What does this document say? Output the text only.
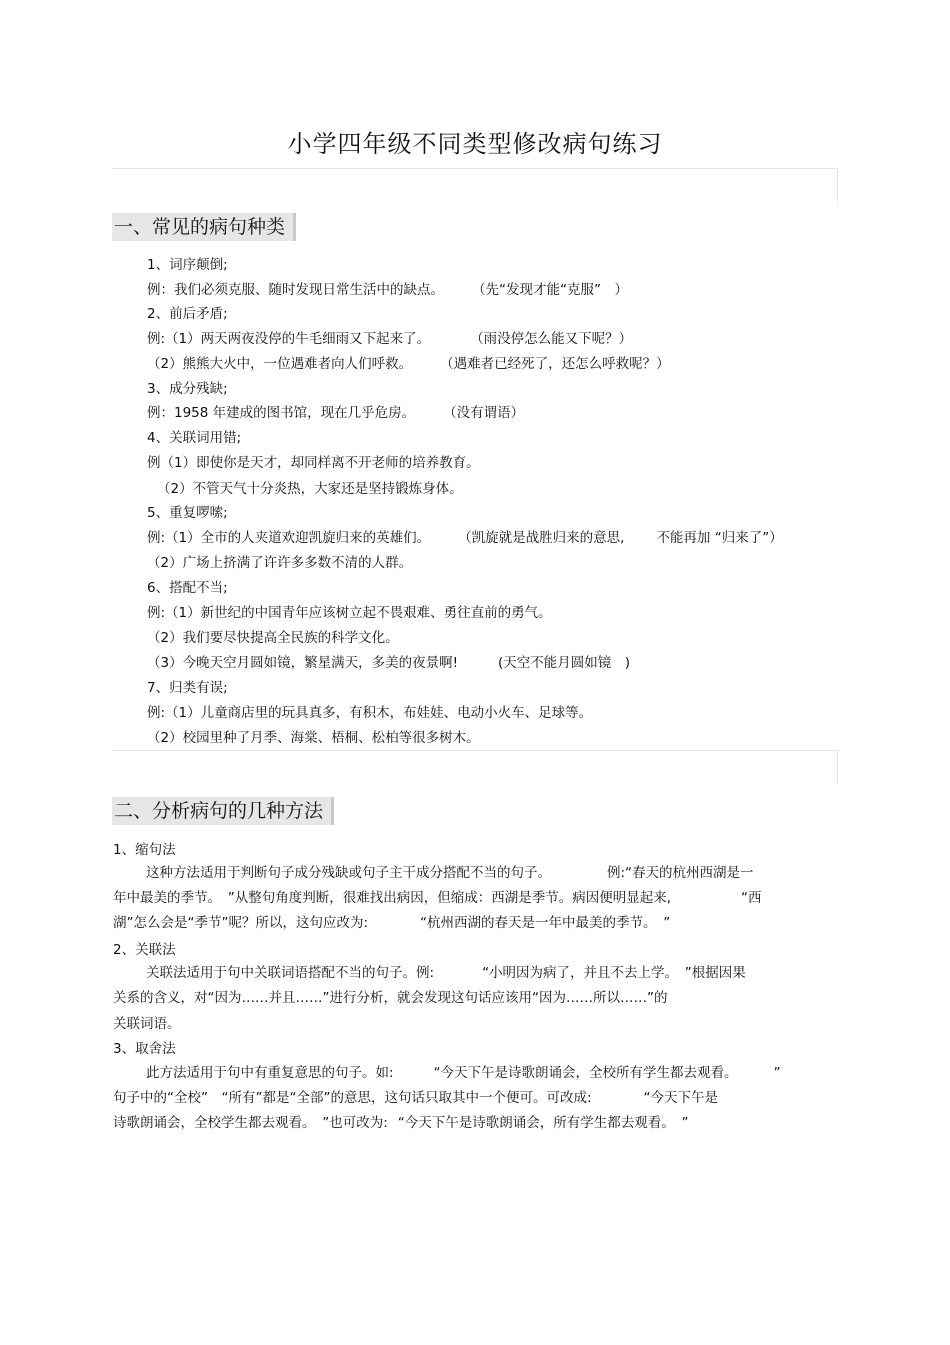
小学四年级不同类型修改病句练习
一、常见的病句种类
1、词序颠倒;
例：我们必须克服、随时发现日常生活中的缺点。 （先“发现才能“克服”　）
2、前后矛盾;
例:（1）两天两夜没停的牛毛细雨又下起来了。	（雨没停怎么能又下呢？）
（2）熊熊大火中，一位遇难者向人们呼救。 （遇难者已经死了，还怎么呼救呢？）
3、成分残缺;
例：1958 年建成的图书馆，现在几乎危房。 （没有谓语）
4、关联词用错;
例（1）即使你是天才，却同样离不开老师的培养教育。
（2）不管天气十分炎热，大家还是坚持锻炼身体。
5、重复啰嗦;
例:（1）全市的人夹道欢迎凯旋归来的英雄们。 （凯旋就是战胜归来的意思, 不能再加 “归来了”）
（2）广场上挤满了许许多多数不清的人群。
6、搭配不当;
例:（1）新世纪的中国青年应该树立起不畏艰难、勇往直前的勇气。
（2）我们要尽快提高全民族的科学文化。
（3）今晚天空月圆如镜，繁星满天，多美的夜景啊!	(天空不能月圆如镜　)
7、归类有误;
例:（1）儿童商店里的玩具真多，有积木，布娃娃、电动小火车、足球等。
（2）校园里种了月季、海棠、梧桐、松柏等很多树木。
二、分析病句的几种方法
1、缩句法
这种方法适用于判断句子成分残缺或句子主干成分搭配不当的句子。	例:“春天的杭州西湖是一
年中最美的季节。　”从整句角度判断，很难找出病因，但缩成：西湖是季节。病因便明显起来,	“西
湖”怎么会是“季节”呢？所以，这句应改为:	“杭州西湖的春天是一年中最美的季节。　”
2、关联法
关联法适用于句中关联词语搭配不当的句子。例:	“小明因为病了，并且不去上学。　”根据因果
关系的含义，对“因为……并且……”进行分析，就会发现这句话应该用“因为……所以……”的
关联词语。
3、取舍法
此方法适用于句中有重复意思的句子。如:	“今天下午是诗歌朗诵会，全校所有学生都去观看。	”
句子中的“全校”　“所有”都是“全部”的意思，这句话只取其中一个便可。可改成:	“今天下午是
诗歌朗诵会，全校学生都去观看。　”也可改为: “今天下午是诗歌朗诵会，所有学生都去观看。　”
